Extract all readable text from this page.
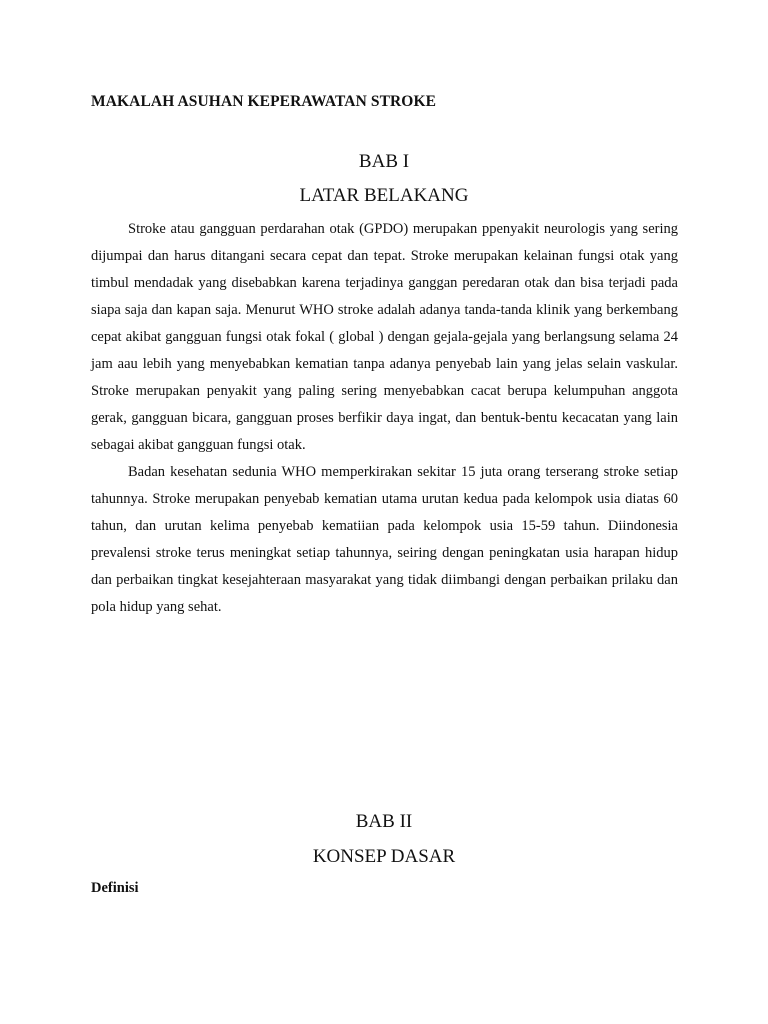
MAKALAH ASUHAN KEPERAWATAN STROKE
BAB I
LATAR BELAKANG

Stroke atau gangguan perdarahan otak (GPDO) merupakan ppenyakit neurologis yang sering dijumpai dan harus ditangani secara cepat dan tepat. Stroke merupakan kelainan fungsi otak yang timbul mendadak yang disebabkan karena terjadinya ganggan peredaran otak dan bisa terjadi pada siapa saja dan kapan saja. Menurut WHO stroke adalah adanya tanda-tanda klinik yang berkembang cepat akibat gangguan fungsi otak fokal ( global ) dengan gejala-gejala yang berlangsung selama 24 jam aau lebih yang menyebabkan kematian tanpa adanya penyebab lain yang jelas selain vaskular. Stroke merupakan penyakit yang paling sering menyebabkan cacat berupa kelumpuhan anggota gerak, gangguan bicara, gangguan proses berfikir daya ingat, dan bentuk-bentu kecacatan yang lain sebagai akibat gangguan fungsi otak.

Badan kesehatan sedunia WHO memperkirakan sekitar 15 juta orang terserang stroke setiap tahunnya. Stroke merupakan penyebab kematian utama urutan kedua pada kelompok usia diatas 60 tahun, dan urutan kelima penyebab kematiian pada kelompok usia 15-59 tahun. Diindonesia prevalensi stroke terus meningkat setiap tahunnya, seiring dengan peningkatan usia harapan hidup dan perbaikan tingkat kesejahteraan masyarakat yang tidak diimbangi dengan perbaikan prilaku dan pola hidup yang sehat.

BAB II
KONSEP DASAR
Definisi
